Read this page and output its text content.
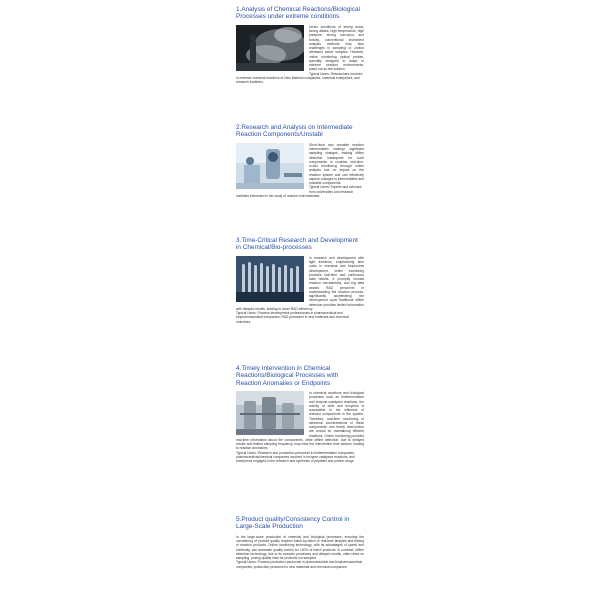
1.Analysis of Chemical Reactions/Biological Processes under extreme conditions
Under conditions of strong acids, strong alkalis, high temperature, high pressure, strong corrosion, and toxicity, conventional instrument analysis methods may face challenges in sampling or control withstand active samples. However, online monitoring optical probes, specially designed to adapt to extreme reaction environments, stand out as the solution.
Typical Users: Researchers involved in extreme chemical reactions at New Material companies, chemical enterprises, and research institutes.
2.Research and Analysis on Intermediate Reaction Components/Unstabl
Short-lived and unstable reaction intermediates undergo significant sampling changes, making offline detection inadequate for such components. In contrast, real-time, in-situ monitoring through online analysis has no impact on the reaction system and can effectively capture changes in intermediates and unstable components.
Typical Users: Experts and scholars from universities and research institutes interested in the study of reaction intermediates.
3.Time-Critical Research and Development in Chemical/Bio-processes
In research and development with tight timelines, emphasizing time costs in chemical and bioprocess development, online monitoring provides real-time and continuous data results. It promptly reveals reaction mechanisms, and big data assists R&D personnel in understanding the reaction process, significantly accelerating the development cycle.Traditional offline detection provides limited information with delayed results, leading to lower R&D efficiency.
Typical Users: Process development professionals in pharmaceutical and biopharmaceutical companies; R&D personnel in new materials and chemical industries.
4.Timely Intervention in Chemical Reactions/Biological Processes with Reaction Anomalies or Endpoints
In chemical reactions and biological processes such as biofermentation and enzyme-catalyzed reactions, the activity of cells and enzymes is susceptible to the influence of relevant components in the system. Therefore, real-time monitoring of abnormal concentrations of these components and timely intervention are crucial for maintaining efficient reactions. Online monitoring provides real-time information about the components, while offline detection, due to delayed results and limited sampling frequency, may miss the intervention time window, leading to reaction anomalies.
Typical Users: Research and production personnel in biofermentation companies, pharmaceutical/chemical companies involved in enzyme-catalyzed reactions, and enterprises engaged in the research and synthesis of peptides and protein drugs.
5.Product quality/Consistency Control in Large-Scale Production
In the large-scale production of chemical and biological processes, ensuring the consistency of product quality requires batch-by-batch or real-time analysis and testing of reaction products. Online monitoring technology, with its advantages of speed and continuity, can automate quality control for 100% of batch products. In contrast, offline detection technology, due to its complex processes and delayed results, often relies on sampling, posing quality risks for products not sampled.
Typical Users: Process production personnel in pharmaceutical and biopharmaceutical companies; production personnel in new materials and chemical companies.
